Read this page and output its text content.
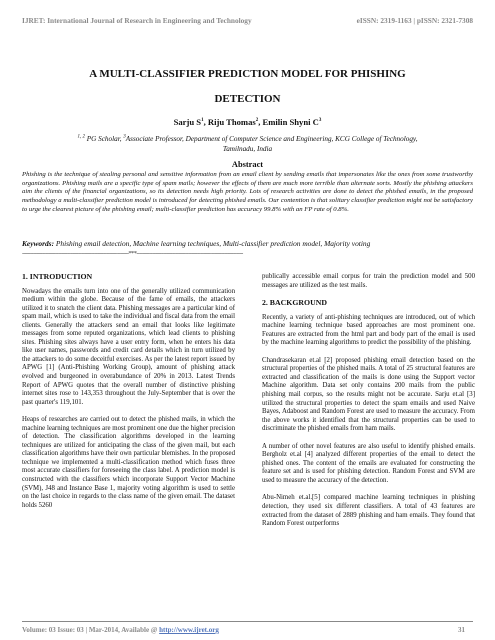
IJRET: International Journal of Research in Engineering and Technology	eISSN: 2319-1163 | pISSN: 2321-7308
A MULTI-CLASSIFIER PREDICTION MODEL FOR PHISHING
DETECTION
Sarju $S^1$, Riju Thomas$^2$, Emilin Shyni $C^3$
$^{1, 2}$ PG Scholar, $^3$Associate Professor, Department of Computer Science and Engineering, KCG College of Technology,
Tamilnadu, India
Abstract
Phishing is the technique of stealing personal and sensitive information from an email client by sending emails that impersonates like the ones from some trustworthy organizations. Phishing mails are a specific type of spam mails; however the effects of them are much more terrible than alternate sorts. Mostly the phishing attackers aim the clients of the financial organizations, so its detection needs high priority. Lots of research activities are done to detect the phished emails, in the proposed methodology a multi-classifier prediction model is introduced for detecting phished emails. Our contention is that solitary classifier prediction might not be satisfactory to urge the clearest picture of the phishing email; multi-classifier prediction has accuracy 99.8% with an FP rate of 0.8%.
Keywords: Phishing email detection, Machine learning techniques, Multi-classifier prediction model, Majority voting
--------------------------------------------------------------------***--------------------------------------------------------------------
1. INTRODUCTION

Nowadays the emails turn into one of the generally utilized communication medium within the globe. Because of the fame of emails, the attackers utilized it to snatch the client data. Phishing messages are a particular kind of spam mail, which is used to take the individual and fiscal data from the email clients. Generally the attackers send an email that looks like legitimate messages from some reputed organizations, which lead clients to phishing sites. Phishing sites always have a user entry form, when he enters his data like user names, passwords and credit card details which in turn utilized by the attackers to do some deceitful exercises. As per the latest report issued by APWG [1] (Anti-Phishing Working Group), amount of phishing attack evolved and burgeoned in overabundance of 20% in 2013. Latest Trends Report of APWG quotes that the overall number of distinctive phishing internet sites rose to 143,353 throughout the July-September that is over the past quarter's 119,101.

Heaps of researches are carried out to detect the phished mails, in which the machine learning techniques are most prominent one due the higher precision of detection. The classification algorithms developed in the learning techniques are utilized for anticipating the class of the given mail, but each classification algorithms have their own particular blemishes. In the proposed technique we implemented a multi-classification method which fuses three most accurate classifiers for foreseeing the class label. A prediction model is constructed with the classifiers which incorporate Support Vector Machine (SVM), J48 and Instance Base 1, majority voting algorithm is used to settle on the last choice in regards to the class name of the given email. The dataset holds 5260

publically accessible email corpus for train the prediction model and 500 messages are utilized as the test mails.

2. BACKGROUND

Recently, a variety of anti-phishing techniques are introduced, out of which machine learning technique based approaches are most prominent one. Features are extracted from the html part and body part of the email is used by the machine learning algorithms to predict the possibility of the phishing.

Chandrasekaran et.al [2] proposed phishing email detection based on the structural properties of the phished mails. A total of 25 structural features are extracted and classification of the mails is done using the Support vector Machine algorithm. Data set only contains 200 mails from the public phishing mail corpus, so the results might not be accurate. Sarju et.al [3] utilized the structural properties to detect the spam emails and used Naive Bayes, Adaboost and Random Forest are used to measure the accuracy. From the above works it identified that the structural properties can be used to discriminate the phished emails from ham mails.

A number of other novel features are also useful to identify phished emails. Bergholz et.al [4] analyzed different properties of the email to detect the phished ones. The content of the emails are evaluated for constructing the feature set and is used for phishing detection. Random Forest and SVM are used to measure the accuracy of the detection.

Abu-Nimeh et.al.[5] compared machine learning techniques in phishing detection, they used six different classifiers. A total of 43 features are extracted from the dataset of 2889 phishing and ham emails. They found that Random Forest outperforms

Volume: 03 Issue: 03 | Mar-2014, Available @ http://www.ijret.org	31
